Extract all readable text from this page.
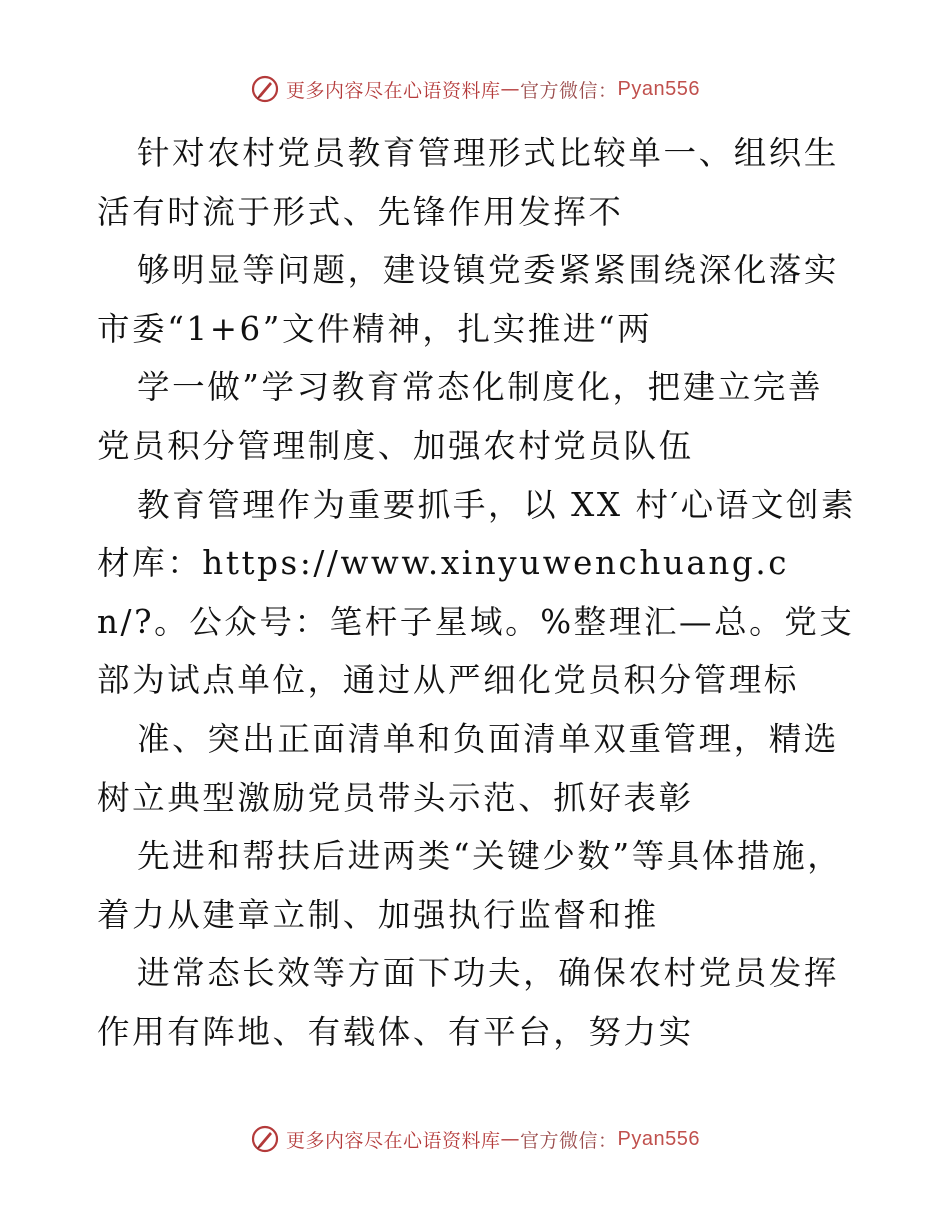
更多内容尽在心语资料库 — 官方微信： Pyan556

针对农村党员教育管理形式比较单一、组织生活有时流于形式、先锋作用发挥不

够明显等问题，建设镇党委紧紧围绕深化落实市委“1+6”文件精神，扎实推进“两

学一做”学习教育常态化制度化，把建立完善党员积分管理制度、加强农村党员队伍

教育管理作为重要抓手，以 XX 村′心语文创素材库：https://www.xinyuwenchuang.cn/?。公众号：笔杆子星域。%整理汇—总。党支部为试点单位，通过从严细化党员积分管理标

准、突出正面清单和负面清单双重管理，精选树立典型激励党员带头示范、抓好表彰

先进和帮扶后进两类“关键少数”等具体措施，着力从建章立制、加强执行监督和推

进常态长效等方面下功夫，确保农村党员发挥作用有阵地、有载体、有平台，努力实

更多内容尽在心语资料库 — 官方微信： Pyan556
